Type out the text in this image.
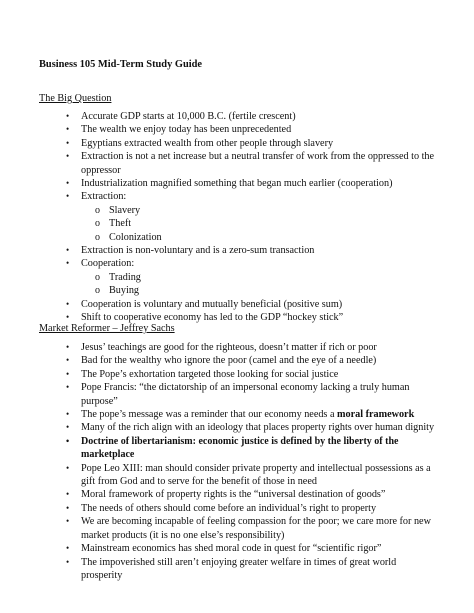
Business 105 Mid-Term Study Guide
The Big Question
• Accurate GDP starts at 10,000 B.C. (fertile crescent)
• The wealth we enjoy today has been unprecedented
• Egyptians extracted wealth from other people through slavery
• Extraction is not a net increase but a neutral transfer of work from the oppressed to the oppressor
• Industrialization magnified something that began much earlier (cooperation)
• Extraction:
o Slavery
o Theft
o Colonization
• Extraction is non-voluntary and is a zero-sum transaction
• Cooperation:
o Trading
o Buying
• Cooperation is voluntary and mutually beneficial (positive sum)
• Shift to cooperative economy has led to the GDP “hockey stick”
Market Reformer – Jeffrey Sachs
• Jesus’ teachings are good for the righteous, doesn’t matter if rich or poor
• Bad for the wealthy who ignore the poor (camel and the eye of a needle)
• The Pope’s exhortation targeted those looking for social justice
• Pope Francis: “the dictatorship of an impersonal economy lacking a truly human purpose”
• The pope’s message was a reminder that our economy needs a moral framework
• Many of the rich align with an ideology that places property rights over human dignity
• Doctrine of libertarianism: economic justice is defined by the liberty of the marketplace
• Pope Leo XIII: man should consider private property and intellectual possessions as a gift from God and to serve for the benefit of those in need
• Moral framework of property rights is the “universal destination of goods”
• The needs of others should come before an individual’s right to property
• We are becoming incapable of feeling compassion for the poor; we care more for new market products (it is no one else’s responsibility)
• Mainstream economics has shed moral code in quest for “scientific rigor”
• The impoverished still aren’t enjoying greater welfare in times of great world prosperity
